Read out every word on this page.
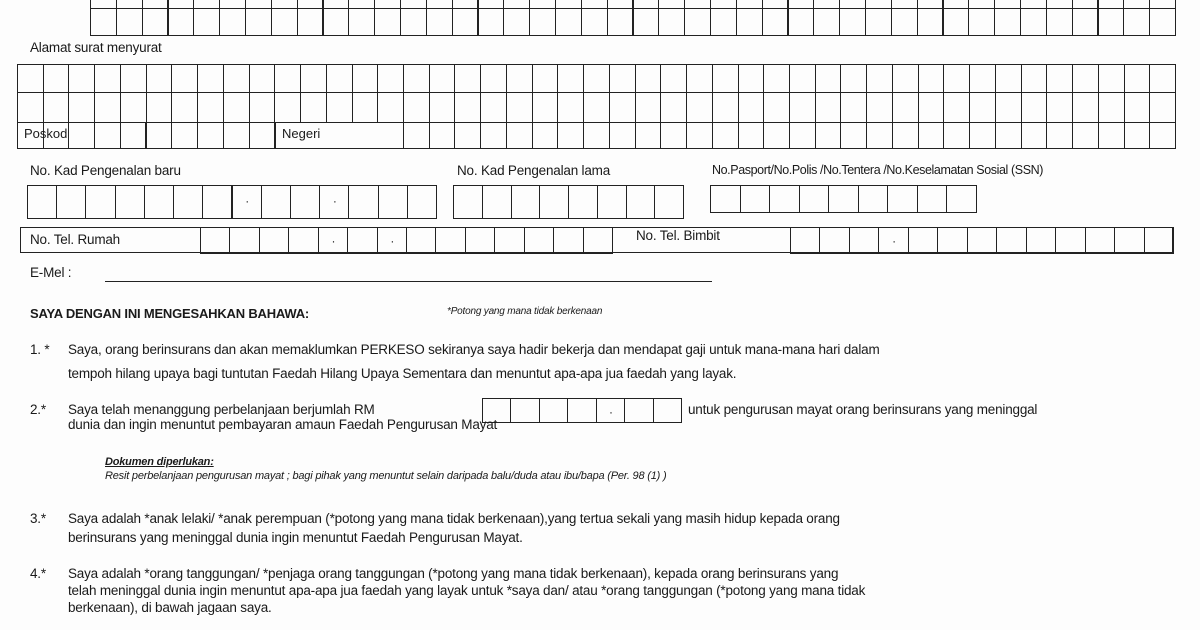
Alamat surat menyurat
Poskod	Negeri
No. Kad Pengenalan baru	No. Kad Pengenalan lama	No.Pasport/No.Polis /No.Tentera /No.Keselamatan Sosial (SSN)
·
·
No. Tel. Rumah · ·	No. Tel. Bimbit
·
E-Mel :
SAYA DENGAN INI MENGESAHKAN BAHAWA:	*Potong yang mana tidak berkenaan
1. * Saya, orang berinsurans dan akan memaklumkan PERKESO sekiranya saya hadir bekerja dan mendapat gaji untuk mana-mana hari dalam
tempoh hilang upaya bagi tuntutan Faedah Hilang Upaya Sementara dan menuntut apa-apa jua faedah yang layak.
2.* Saya telah menanggung perbelanjaan berjumlah RM ·	untuk pengurusan mayat orang berinsurans yang meninggal
dunia dan ingin menuntut pembayaran amaun Faedah Pengurusan Mayat
Dokumen diperlukan:
Resit perbelanjaan pengurusan mayat ; bagi pihak yang menuntut selain daripada balu/duda atau ibu/bapa (Per. 98 (1) )
3.* Saya adalah *anak lelaki/ *anak perempuan (*potong yang mana tidak berkenaan),yang tertua sekali yang masih hidup kepada orang
berinsurans yang meninggal dunia ingin menuntut Faedah Pengurusan Mayat.
4.* Saya adalah *orang tanggungan/ *penjaga orang tanggungan (*potong yang mana tidak berkenaan), kepada orang berinsurans yang
telah meninggal dunia ingin menuntut apa-apa jua faedah yang layak untuk *saya dan/ atau *orang tanggungan (*potong yang mana tidak
berkenaan), di bawah jagaan saya.
